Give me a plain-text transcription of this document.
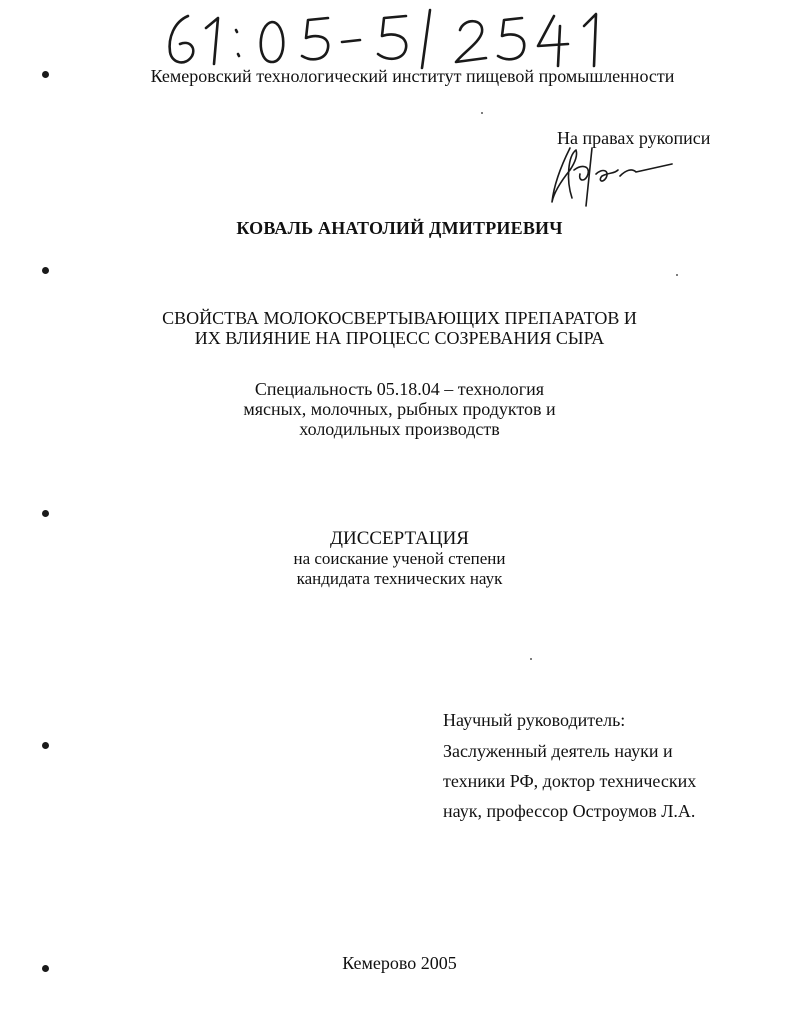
Кемеровский технологический институт пищевой промышленности
На правах рукописи
КОВАЛЬ АНАТОЛИЙ ДМИТРИЕВИЧ
СВОЙСТВА МОЛОКОСВЕРТЫВАЮЩИХ ПРЕПАРАТОВ И
ИХ ВЛИЯНИЕ НА ПРОЦЕСС СОЗРЕВАНИЯ СЫРА
Специальность 05.18.04 – технология
мясных, молочных, рыбных продуктов и
холодильных производств
ДИССЕРТАЦИЯ
на соискание ученой степени
кандидата технических наук
Научный руководитель:
Заслуженный деятель науки и
техники РФ, доктор технических
наук, профессор Остроумов Л.А.
Кемерово 2005
